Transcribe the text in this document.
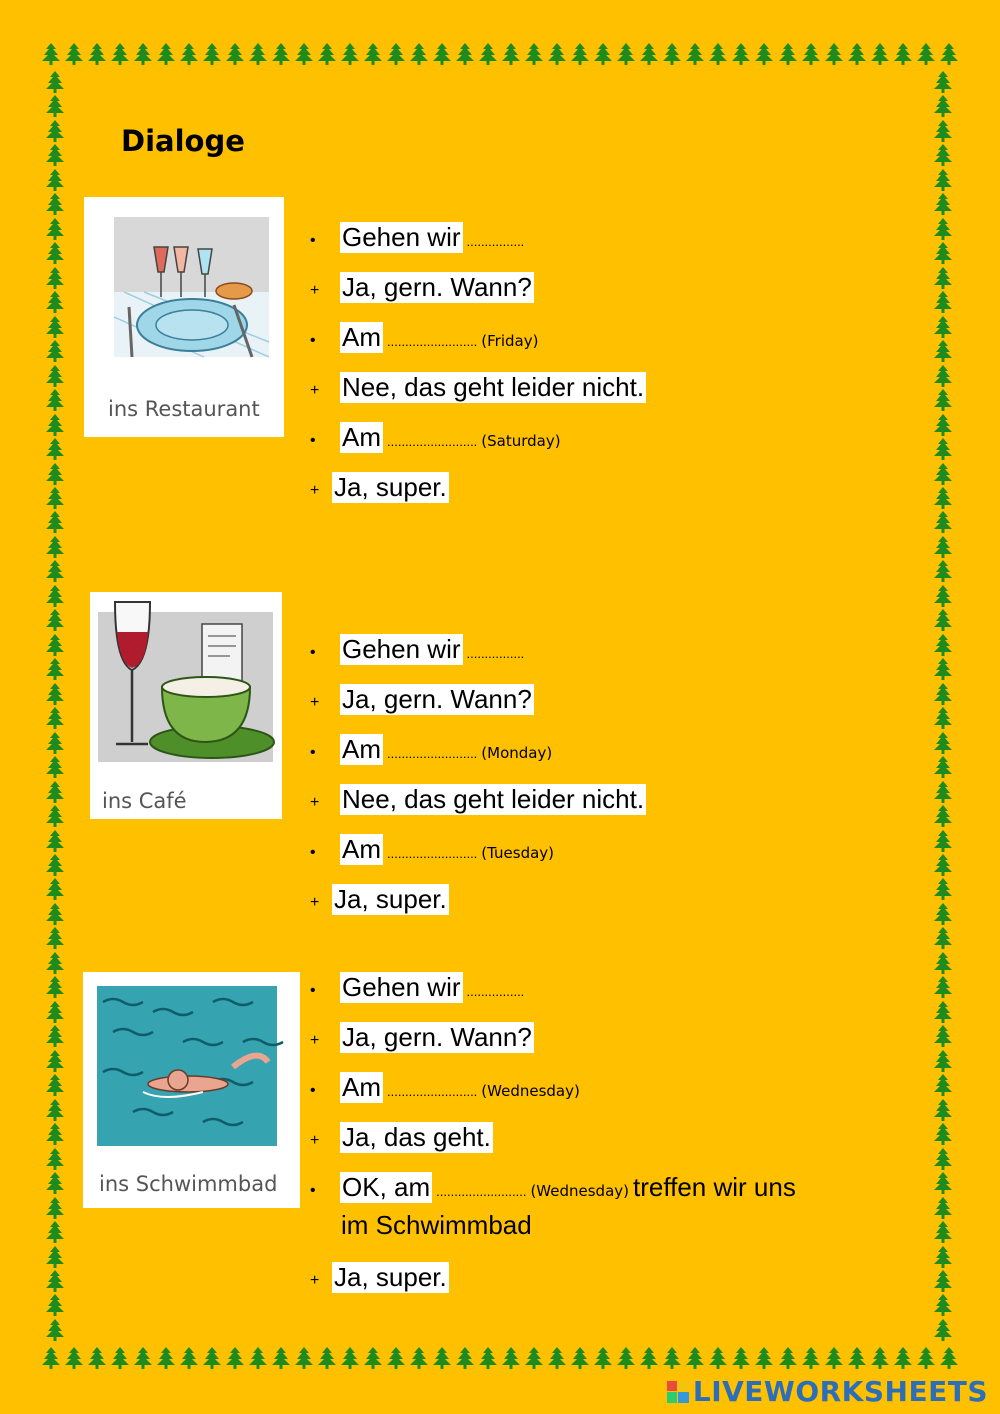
Dialoge
ins Restaurant
ins Café
ins Schwimmbad
• Gehen wir ................
+ Ja, gern. Wann?
• Am ......................... (Friday)
+ Nee, das geht leider nicht.
• Am ......................... (Saturday)
+ Ja, super.
• Gehen wir ................
+ Ja, gern. Wann?
• Am ......................... (Monday)
+ Nee, das geht leider nicht.
• Am ......................... (Tuesday)
+ Ja, super.
• Gehen wir ................
+ Ja, gern. Wann?
• Am ......................... (Wednesday)
+ Ja, das geht.
• OK, am ......................... (Wednesday) treffen wir uns
+ Ja, super.
im Schwimmbad
LIVEWORKSHEETS
